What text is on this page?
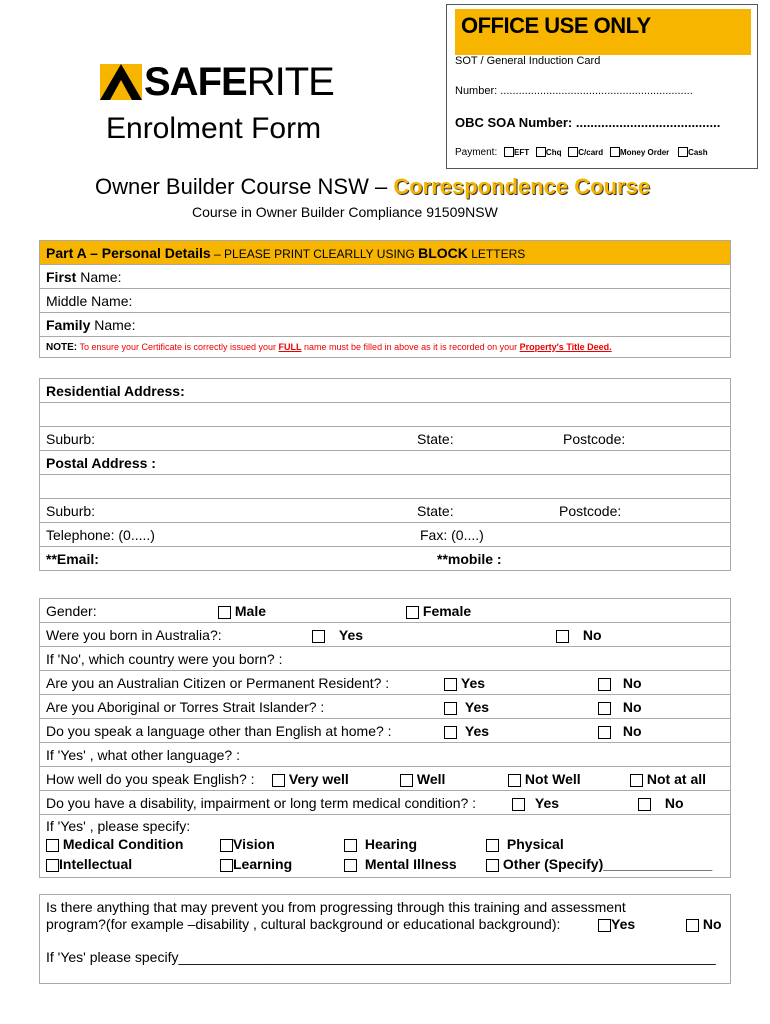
OFFICE USE ONLY
SOT / General Induction Card
Number: ...............................................................
OBC SOA Number: ........................................
Payment: EFT Chq C/card Money Order Cash
SAFERITE
Enrolment Form
Owner Builder Course NSW – Correspondence Course
Course in Owner Builder Compliance 91509NSW
Part A – Personal Details – PLEASE PRINT CLEARLLY USING BLOCK LETTERS
First Name:
Middle Name:
Family Name:
NOTE: To ensure your Certificate is correctly issued your FULL name must be filled in above as it is recorded on your Property's Title Deed.
Residential Address:

Suburb:	State:	Postcode:

Postal Address :

Suburb:	State:	Postcode:

Telephone: (0.....)	Fax: (0....)

**Email:	**mobile :
Gender:	Male	Female

Were you born in Australia?:	Yes	No

If 'No', which country were you born? :

Are you an Australian Citizen or Permanent Resident? :	Yes	No

Are you Aboriginal or Torres Strait Islander? :	Yes	No

Do you speak a language other than English at home? :	Yes	No

If 'Yes' , what other language? :

How well do you speak English? :	Very well	Well	Not Well	Not at all

Do you have a disability, impairment or long term medical condition? :	Yes	No

If 'Yes' , please specify:
Medical Condition	Vision	Hearing	Physical
Intellectual	Learning	Mental Illness	Other (Specify)______________
Is there anything that may prevent you from progressing through this training and assessment
program?(for example –disability , cultural background or educational background):	Yes	No
If 'Yes' please specify_____________________________________________________________________
